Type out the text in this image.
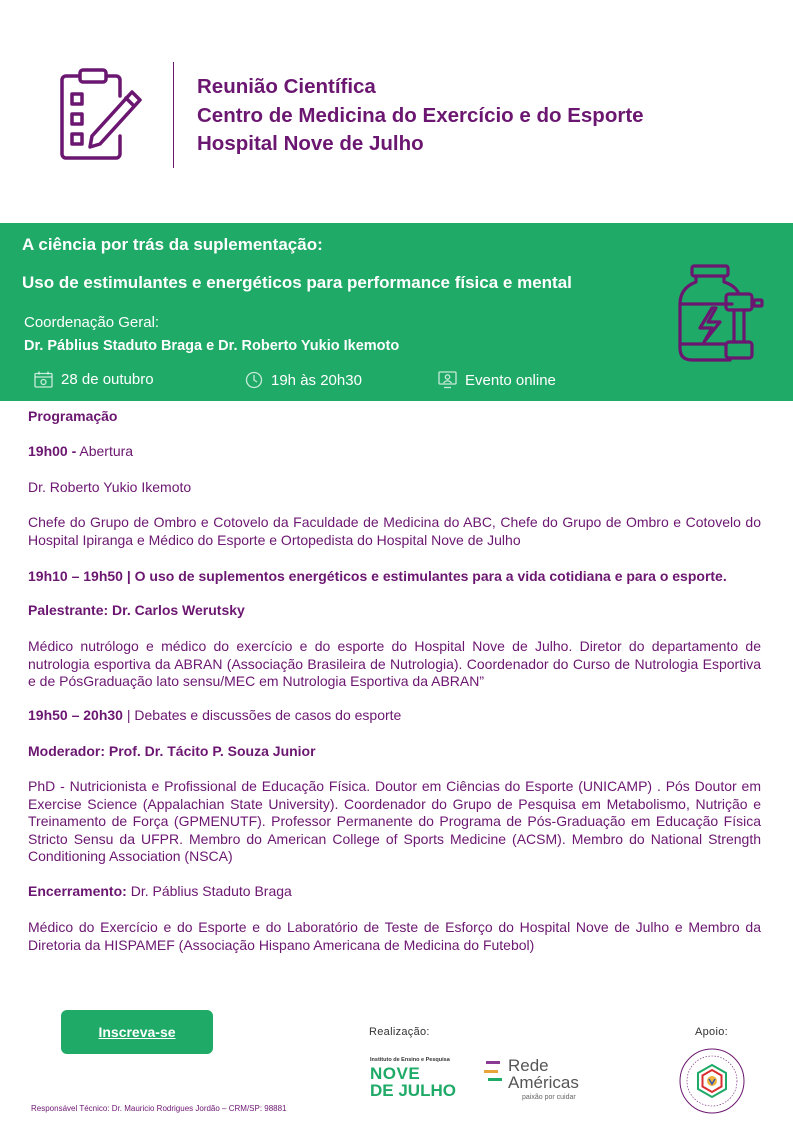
Reunião Científica
Centro de Medicina do Exercício e do Esporte
Hospital Nove de Julho
A ciência por trás da suplementação:
Uso de estimulantes e energéticos para performance física e mental
Coordenação Geral:
Dr. Páblius Staduto Braga e Dr. Roberto Yukio Ikemoto
28 de outubro	19h às 20h30	Evento online
Programação
19h00 - Abertura
Dr. Roberto Yukio Ikemoto
Chefe do Grupo de Ombro e Cotovelo da Faculdade de Medicina do ABC, Chefe do Grupo de Ombro e Cotovelo do Hospital Ipiranga e Médico do Esporte e Ortopedista do Hospital Nove de Julho
19h10 – 19h50 | O uso de suplementos energéticos e estimulantes para a vida cotidiana e para o esporte.
Palestrante: Dr. Carlos Werutsky
Médico nutrólogo e médico do exercício e do esporte do Hospital Nove de Julho. Diretor do departamento de nutrologia esportiva da ABRAN (Associação Brasileira de Nutrologia). Coordenador do Curso de Nutrologia Esportiva e de PósGraduação lato sensu/MEC em Nutrologia Esportiva da ABRAN”
19h50 – 20h30 | Debates e discussões de casos do esporte
Moderador: Prof. Dr. Tácito P. Souza Junior
PhD - Nutricionista e Profissional de Educação Física. Doutor em Ciências do Esporte (UNICAMP) . Pós Doutor em Exercise Science (Appalachian State University). Coordenador do Grupo de Pesquisa em Metabolismo, Nutrição e Treinamento de Força (GPMENUTF). Professor Permanente do Programa de Pós-Graduação em Educação Física Stricto Sensu da UFPR. Membro do American College of Sports Medicine (ACSM). Membro do National Strength Conditioning Association (NSCA)
Encerramento: Dr. Páblius Staduto Braga
Médico do Exercício e do Esporte e do Laboratório de Teste de Esforço do Hospital Nove de Julho e Membro da Diretoria da HISPAMEF (Associação Hispano Americana de Medicina do Futebol)
Inscreva-se	Realização:	Apoio:
Instituto de Ensino e Pesquisa
NOVE
DE JULHO
Rede
Américas
paixão por cuidar
Responsável Técnico: Dr. Mauricio Rodrigues Jordão – CRM/SP: 98881
